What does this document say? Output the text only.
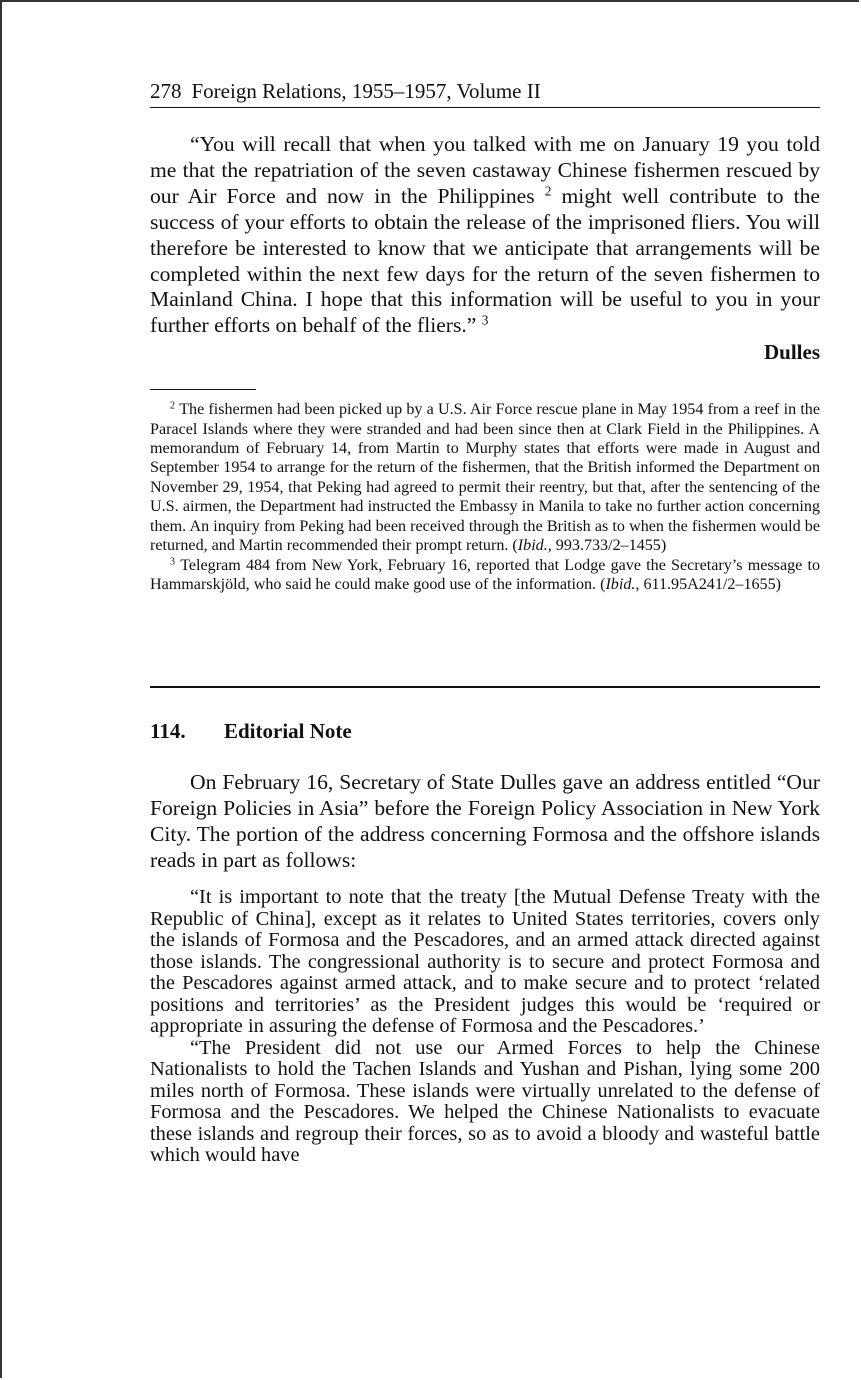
278 Foreign Relations, 1955–1957, Volume II

“You will recall that when you talked with me on January 19 you told me that the repatriation of the seven castaway Chinese fishermen rescued by our Air Force and now in the Philippines $^2$ might well contribute to the success of your efforts to obtain the release of the imprisoned fliers. You will therefore be interested to know that we anticipate that arrangements will be completed within the next few days for the return of the seven fishermen to Mainland China. I hope that this information will be useful to you in your further efforts on behalf of the fliers.” $^3$

Dulles

$^2$ The fishermen had been picked up by a U.S. Air Force rescue plane in May 1954 from a reef in the Paracel Islands where they were stranded and had been since then at Clark Field in the Philippines. A memorandum of February 14, from Martin to Murphy states that efforts were made in August and September 1954 to arrange for the return of the fishermen, that the British informed the Department on November 29, 1954, that Peking had agreed to permit their reentry, but that, after the sentencing of the U.S. airmen, the Department had instructed the Embassy in Manila to take no further action concerning them. An inquiry from Peking had been received through the British as to when the fishermen would be returned, and Martin recommended their prompt return. (Ibid., 993.733/2–1455)

$^3$ Telegram 484 from New York, February 16, reported that Lodge gave the Secretary’s message to Hammarskjöld, who said he could make good use of the information. (Ibid., 611.95A241/2–1655)

114. Editorial Note

On February 16, Secretary of State Dulles gave an address entitled “Our Foreign Policies in Asia” before the Foreign Policy Association in New York City. The portion of the address concerning Formosa and the offshore islands reads in part as follows:

“It is important to note that the treaty [the Mutual Defense Treaty with the Republic of China], except as it relates to United States territories, covers only the islands of Formosa and the Pescadores, and an armed attack directed against those islands. The congressional authority is to secure and protect Formosa and the Pescadores against armed attack, and to make secure and to protect ‘related positions and territories’ as the President judges this would be ‘required or appropriate in assuring the defense of Formosa and the Pescadores.’

“The President did not use our Armed Forces to help the Chinese Nationalists to hold the Tachen Islands and Yushan and Pishan, lying some 200 miles north of Formosa. These islands were virtually unrelated to the defense of Formosa and the Pescadores. We helped the Chinese Nationalists to evacuate these islands and regroup their forces, so as to avoid a bloody and wasteful battle which would have
